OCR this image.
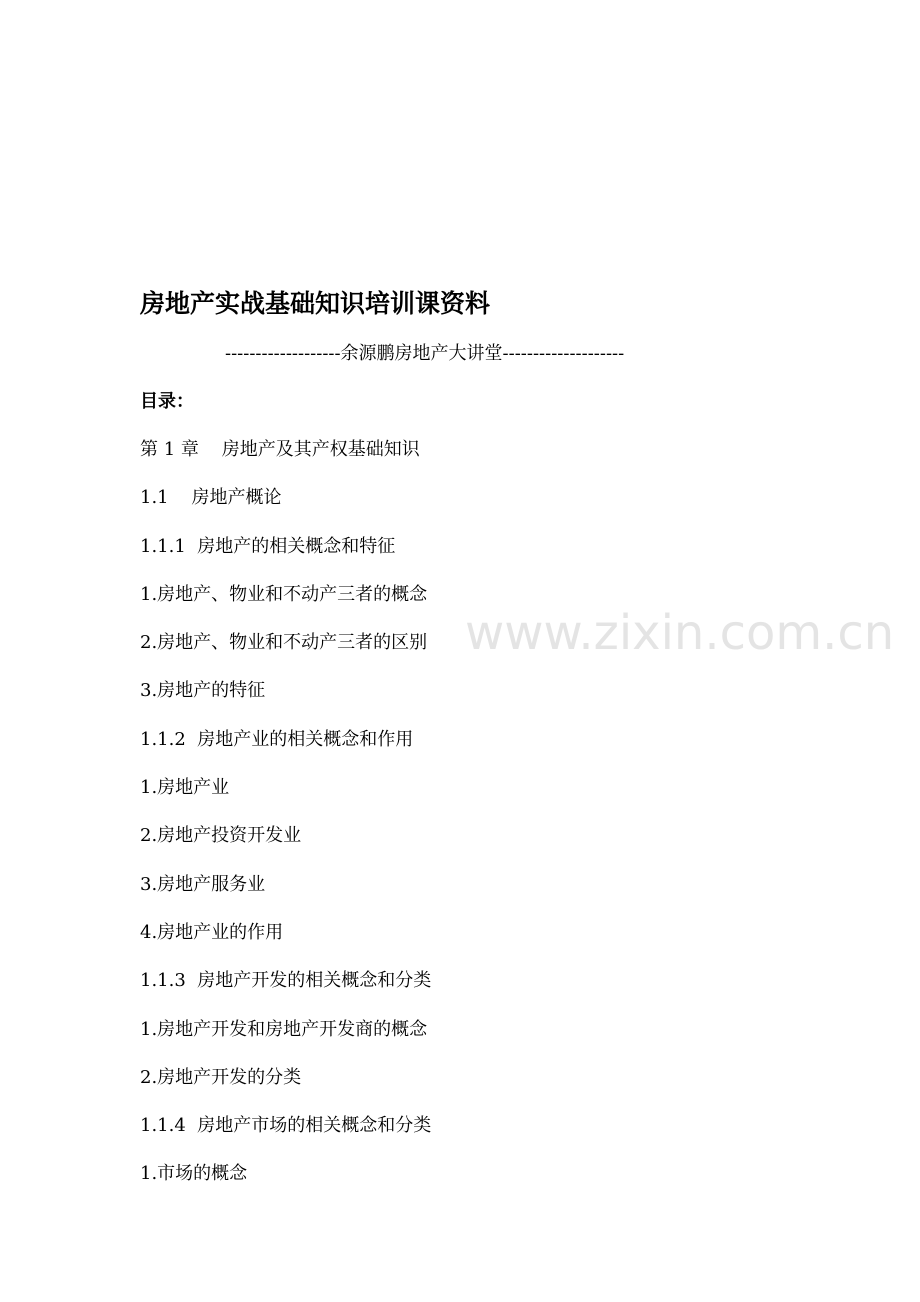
房地产实战基础知识培训课资料
-------------------余源鹏房地产大讲堂--------------------
目录：
第 1 章    房地产及其产权基础知识
1.1    房地产概论
1.1.1  房地产的相关概念和特征
1.房地产、物业和不动产三者的概念
2.房地产、物业和不动产三者的区别
3.房地产的特征
1.1.2  房地产业的相关概念和作用
1.房地产业
2.房地产投资开发业
3.房地产服务业
4.房地产业的作用
1.1.3  房地产开发的相关概念和分类
1.房地产开发和房地产开发商的概念
2.房地产开发的分类
1.1.4  房地产市场的相关概念和分类
1.市场的概念
www.zixin.com.cn
